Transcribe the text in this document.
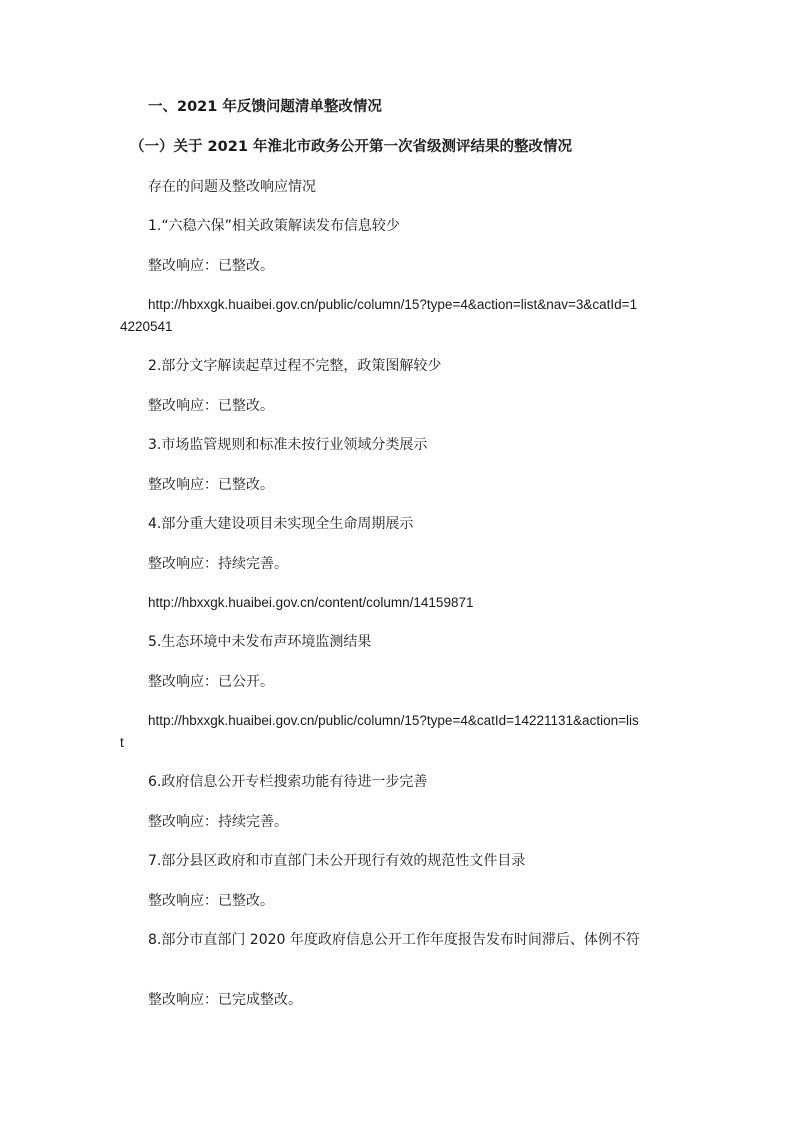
一、2021 年反馈问题清单整改情况
（一）关于 2021 年淮北市政务公开第一次省级测评结果的整改情况
存在的问题及整改响应情况
1.“六稳六保”相关政策解读发布信息较少
整改响应：已整改。
http://hbxxgk.huaibei.gov.cn/public/column/15?type=4&action=list&nav=3&catId=14220541
2.部分文字解读起草过程不完整，政策图解较少
整改响应：已整改。
3.市场监管规则和标准未按行业领域分类展示
整改响应：已整改。
4.部分重大建设项目未实现全生命周期展示
整改响应：持续完善。
http://hbxxgk.huaibei.gov.cn/content/column/14159871
5.生态环境中未发布声环境监测结果
整改响应：已公开。
http://hbxxgk.huaibei.gov.cn/public/column/15?type=4&catId=14221131&action=list
6.政府信息公开专栏搜索功能有待进一步完善
整改响应：持续完善。
7.部分县区政府和市直部门未公开现行有效的规范性文件目录
整改响应：已整改。
8.部分市直部门 2020 年度政府信息公开工作年度报告发布时间滞后、体例不符
整改响应：已完成整改。
